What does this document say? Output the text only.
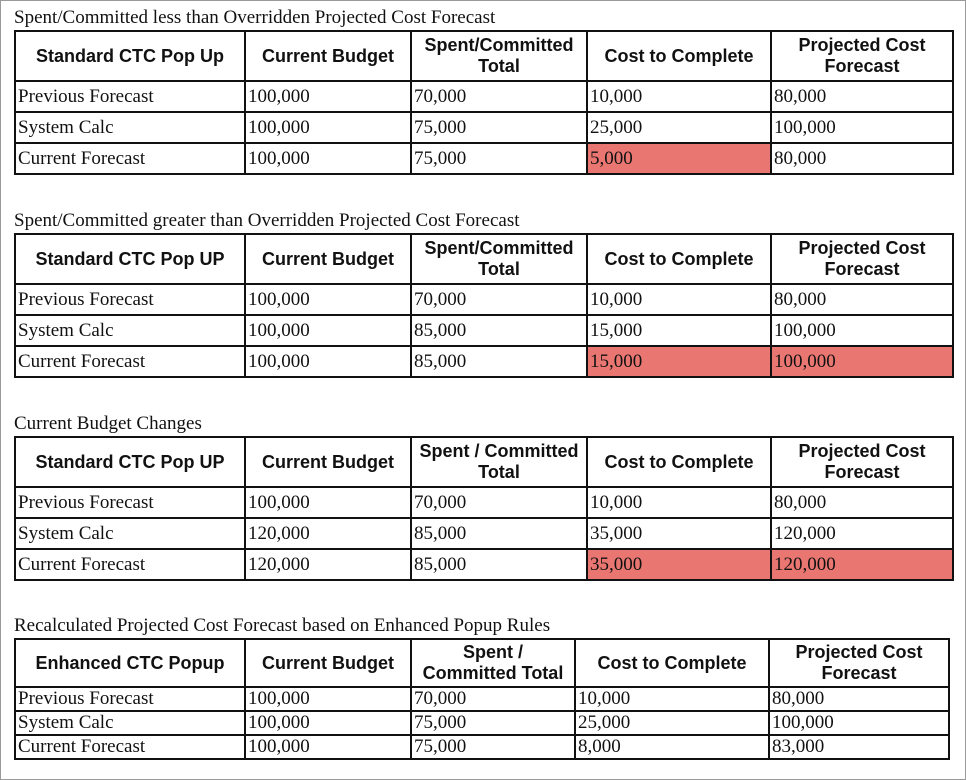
Spent/Committed less than Overridden Projected Cost Forecast
Standard CTC Pop Up	Current Budget	Spent/Committed Total	Cost to Complete	Projected Cost Forecast
Previous Forecast	100,000	70,000	10,000	80,000
System Calc	100,000	75,000	25,000	100,000
Current Forecast	100,000	75,000	5,000	80,000
Spent/Committed greater than Overridden Projected Cost Forecast
Standard CTC Pop UP	Current Budget	Spent/Committed Total	Cost to Complete	Projected Cost Forecast
Previous Forecast	100,000	70,000	10,000	80,000
System Calc	100,000	85,000	15,000	100,000
Current Forecast	100,000	85,000	15,000	100,000
Current Budget Changes
Standard CTC Pop UP	Current Budget	Spent / Committed Total	Cost to Complete	Projected Cost Forecast
Previous Forecast	100,000	70,000	10,000	80,000
System Calc	120,000	85,000	35,000	120,000
Current Forecast	120,000	85,000	35,000	120,000
Recalculated Projected Cost Forecast based on Enhanced Popup Rules
Enhanced CTC Popup	Current Budget	Spent / Committed Total	Cost to Complete	Projected Cost Forecast
Previous Forecast	100,000	70,000	10,000	80,000
System Calc	100,000	75,000	25,000	100,000
Current Forecast	100,000	75,000	8,000	83,000
